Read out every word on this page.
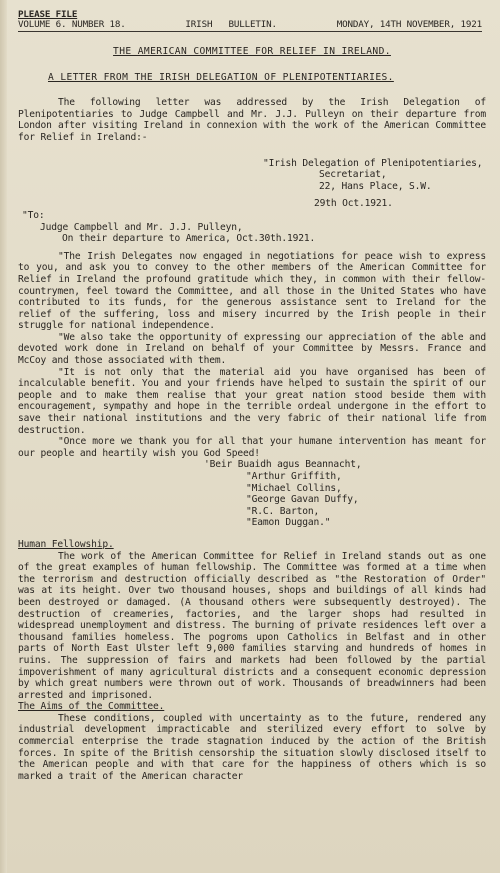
PLEASE FILE
VOLUME 6. NUMBER 18.	IRISH   BULLETIN.	MONDAY, 14TH NOVEMBER, 1921
THE AMERICAN COMMITTEE FOR RELIEF IN IRELAND.
A LETTER FROM THE IRISH DELEGATION OF PLENIPOTENTIARIES.
The following letter was addressed by the Irish Delegation of Plenipotentiaries to Judge Campbell and Mr. J.J. Pulleyn on their departure from London after visiting Ireland in connexion with the work of the American Committee for Relief in Ireland:-
"Irish Delegation of Plenipotentiaries,
Secretariat,
22, Hans Place, S.W.
29th Oct.1921.
"To:
Judge Campbell and Mr. J.J. Pulleyn,
On their departure to America, Oct.30th.1921.
"The Irish Delegates now engaged in negotiations for peace wish to express to you, and ask you to convey to the other members of the American Committee for Relief in Ireland the profound gratitude which they, in common with their fellow-countrymen, feel toward the Committee, and all those in the United States who have contributed to its funds, for the generous assistance sent to Ireland for the relief of the suffering, loss and misery incurred by the Irish people in their struggle for national independence.
"We also take the opportunity of expressing our appreciation of the able and devoted work done in Ireland on behalf of your Committee by Messrs. France and McCoy and those associated with them.
"It is not only that the material aid you have organised has been of incalculable benefit. You and your friends have helped to sustain the spirit of our people and to make them realise that your great nation stood beside them with encouragement, sympathy and hope in the terrible ordeal undergone in the effort to save their national institutions and the very fabric of their national life from destruction.
"Once more we thank you for all that your humane intervention has meant for our people and heartily wish you God Speed!
'Beir Buaidh agus Beannacht,
"Arthur Griffith,
"Michael Collins,
"George Gavan Duffy,
"R.C. Barton,
"Eamon Duggan."
Human Fellowship.
The work of the American Committee for Relief in Ireland stands out as one of the great examples of human fellowship. The Committee was formed at a time when the terrorism and destruction officially described as "the Restoration of Order" was at its height. Over two thousand houses, shops and buildings of all kinds had been destroyed or damaged. (A thousand others were subsequently destroyed). The destruction of creameries, factories, and the larger shops had resulted in widespread unemployment and distress. The burning of private residences left over a thousand families homeless. The pogroms upon Catholics in Belfast and in other parts of North East Ulster left 9,000 families starving and hundreds of homes in ruins. The suppression of fairs and markets had been followed by the partial impoverishment of many agricultural districts and a consequent economic depression by which great numbers were thrown out of work. Thousands of breadwinners had been arrested and imprisoned.
The Aims of the Committee.
These conditions, coupled with uncertainty as to the future, rendered any industrial development impracticable and sterilized every effort to solve by commercial enterprise the trade stagnation induced by the action of the British forces. In spite of the British censorship the situation slowly disclosed itself to the American people and with that care for the happiness of others which is so marked a trait of the American character
